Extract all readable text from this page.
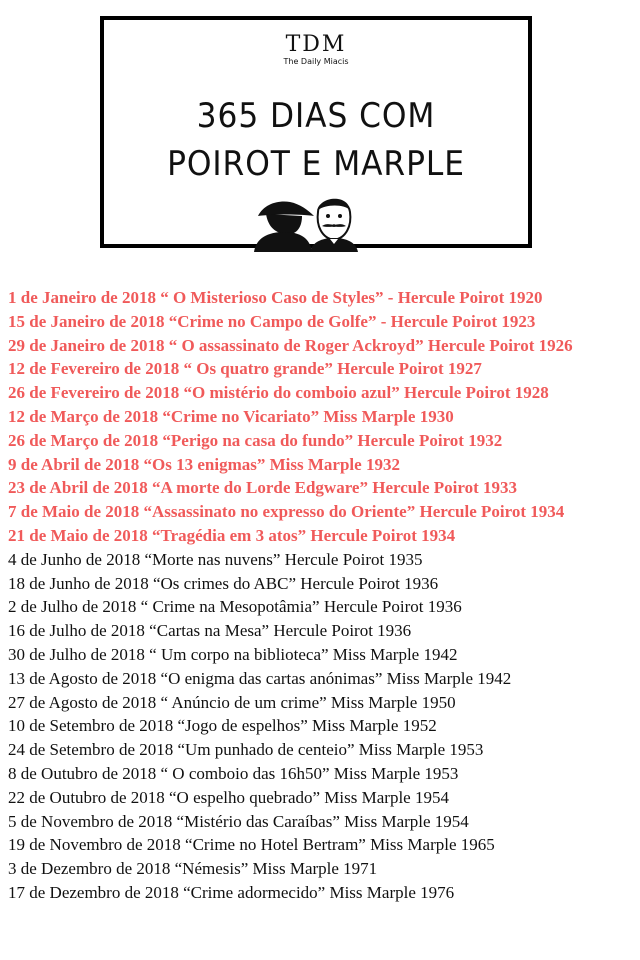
TDM
The Daily Miacis
365 DIAS COM
POIROT E MARPLE

1 de Janeiro de 2018 “ O Misterioso Caso de Styles” - Hercule Poirot 1920

15 de Janeiro de 2018 “Crime no Campo de Golfe” - Hercule Poirot 1923

29 de Janeiro de 2018 “ O assassinato de Roger Ackroyd” Hercule Poirot 1926

12 de Fevereiro de 2018 “ Os quatro grande” Hercule Poirot 1927

26 de Fevereiro de 2018 “O mistério do comboio azul” Hercule Poirot 1928

12 de Março de 2018 “Crime no Vicariato” Miss Marple 1930

26 de Março de 2018 “Perigo na casa do fundo” Hercule Poirot 1932

9 de Abril de 2018 “Os 13 enigmas” Miss Marple 1932

23 de Abril de 2018 “A morte do Lorde Edgware” Hercule Poirot 1933

7 de Maio de 2018 “Assassinato no expresso do Oriente” Hercule Poirot 1934

21 de Maio de 2018 “Tragédia em 3 atos” Hercule Poirot 1934

4 de Junho de 2018 “Morte nas nuvens” Hercule Poirot 1935

18 de Junho de 2018 “Os crimes do ABC” Hercule Poirot 1936

2 de Julho de 2018 “ Crime na Mesopotâmia” Hercule Poirot 1936

16 de Julho de 2018 “Cartas na Mesa” Hercule Poirot 1936

30 de Julho de 2018 “ Um corpo na biblioteca” Miss Marple 1942

13 de Agosto de 2018 “O enigma das cartas anónimas” Miss Marple 1942

27 de Agosto de 2018 “ Anúncio de um crime” Miss Marple 1950

10 de Setembro de 2018 “Jogo de espelhos” Miss Marple 1952

24 de Setembro de 2018 “Um punhado de centeio” Miss Marple 1953

8 de Outubro de 2018 “ O comboio das 16h50” Miss Marple 1953

22 de Outubro de 2018 “O espelho quebrado” Miss Marple 1954

5 de Novembro de 2018 “Mistério das Caraíbas” Miss Marple 1954

19 de Novembro de 2018 “Crime no Hotel Bertram” Miss Marple 1965

3 de Dezembro de 2018 “Némesis” Miss Marple 1971

17 de Dezembro de 2018 “Crime adormecido” Miss Marple 1976
